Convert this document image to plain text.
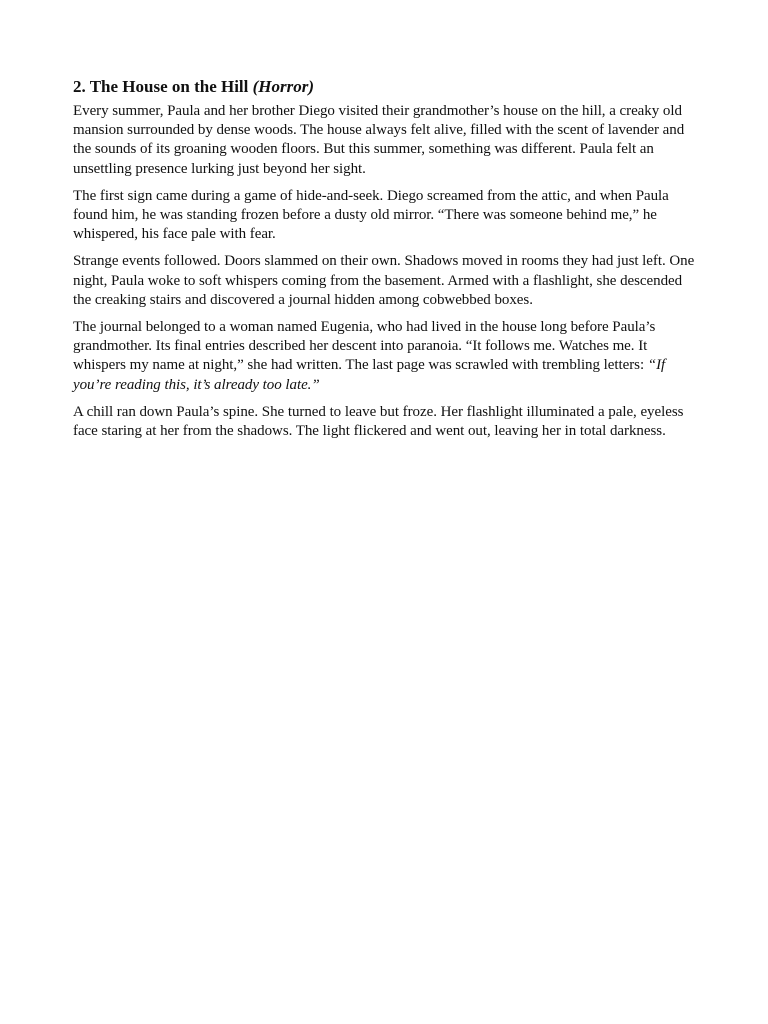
2. The House on the Hill (Horror)

Every summer, Paula and her brother Diego visited their grandmother’s house on the hill, a creaky old mansion surrounded by dense woods. The house always felt alive, filled with the scent of lavender and the sounds of its groaning wooden floors. But this summer, something was different. Paula felt an unsettling presence lurking just beyond her sight.

The first sign came during a game of hide-and-seek. Diego screamed from the attic, and when Paula found him, he was standing frozen before a dusty old mirror. “There was someone behind me,” he whispered, his face pale with fear.

Strange events followed. Doors slammed on their own. Shadows moved in rooms they had just left. One night, Paula woke to soft whispers coming from the basement. Armed with a flashlight, she descended the creaking stairs and discovered a journal hidden among cobwebbed boxes.

The journal belonged to a woman named Eugenia, who had lived in the house long before Paula’s grandmother. Its final entries described her descent into paranoia. “It follows me. Watches me. It whispers my name at night,” she had written. The last page was scrawled with trembling letters: “If you’re reading this, it’s already too late.”

A chill ran down Paula’s spine. She turned to leave but froze. Her flashlight illuminated a pale, eyeless face staring at her from the shadows. The light flickered and went out, leaving her in total darkness.
